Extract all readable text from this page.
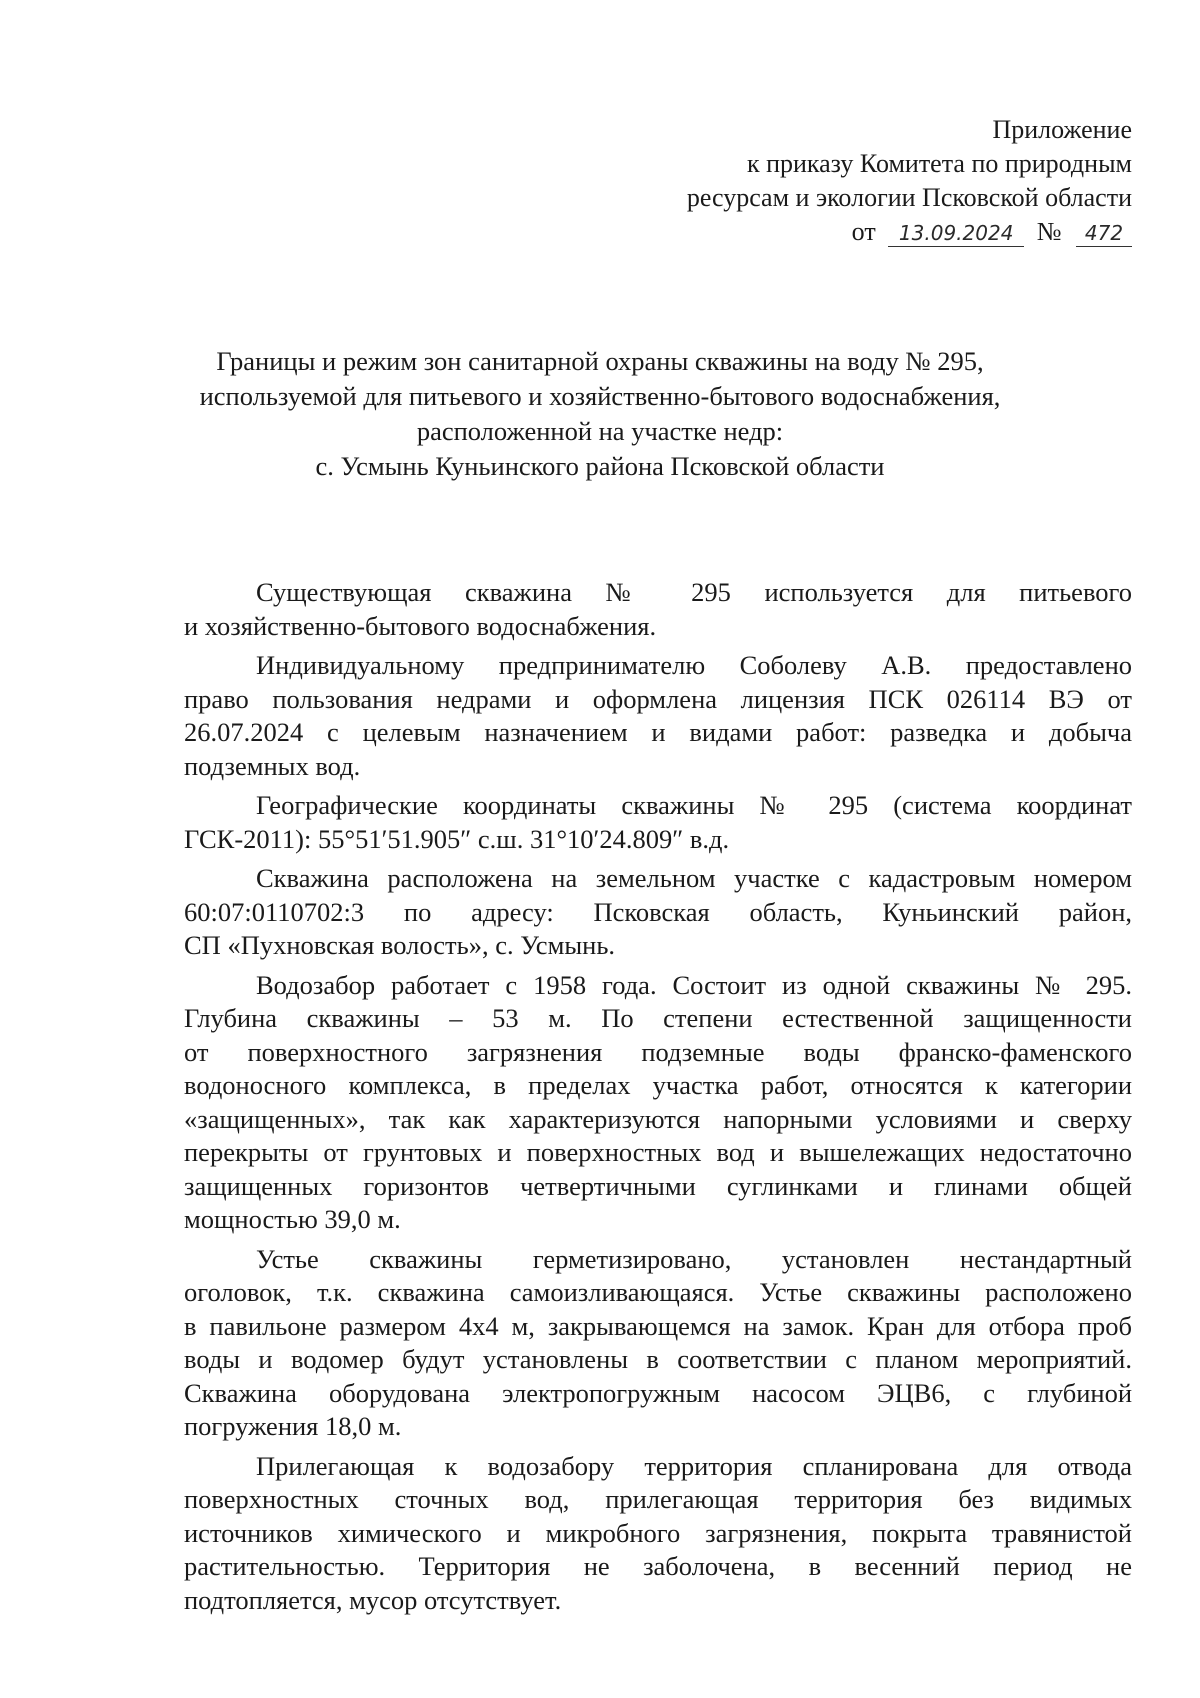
Приложение
к приказу Комитета по природным
ресурсам и экологии Псковской области
от 13.09.2024 № 472
Границы и режим зон санитарной охраны скважины на воду № 295,
используемой для питьевого и хозяйственно-бытового водоснабжения,
расположенной на участке недр:
с. Усмынь Куньинского района Псковской области
Существующая скважина № 295 используется для питьевого
и хозяйственно-бытового водоснабжения.
Индивидуальному предпринимателю Соболеву А.В. предоставлено
право пользования недрами и оформлена лицензия ПСК 026114 ВЭ от
26.07.2024 с целевым назначением и видами работ: разведка и добыча
подземных вод.
Географические координаты скважины № 295 (система координат
ГСК-2011): 55°51′51.905″ с.ш. 31°10′24.809″ в.д.
Скважина расположена на земельном участке с кадастровым номером
60:07:0110702:3 по адресу: Псковская область, Куньинский район,
СП «Пухновская волость», с. Усмынь.
Водозабор работает с 1958 года. Состоит из одной скважины № 295.
Глубина скважины – 53 м. По степени естественной защищенности
от поверхностного загрязнения подземные воды франско-фаменского
водоносного комплекса, в пределах участка работ, относятся к категории
«защищенных», так как характеризуются напорными условиями и сверху
перекрыты от грунтовых и поверхностных вод и вышележащих недостаточно
защищенных горизонтов четвертичными суглинками и глинами общей
мощностью 39,0 м.
Устье скважины герметизировано, установлен нестандартный
оголовок, т.к. скважина самоизливающаяся. Устье скважины расположено
в павильоне размером 4х4 м, закрывающемся на замок. Кран для отбора проб
воды и водомер будут установлены в соответствии с планом мероприятий.
Скважина оборудована электропогружным насосом ЭЦВ6, с глубиной
погружения 18,0 м.
Прилегающая к водозабору территория спланирована для отвода
поверхностных сточных вод, прилегающая территория без видимых
источников химического и микробного загрязнения, покрыта травянистой
растительностью. Территория не заболочена, в весенний период не
подтопляется, мусор отсутствует.
